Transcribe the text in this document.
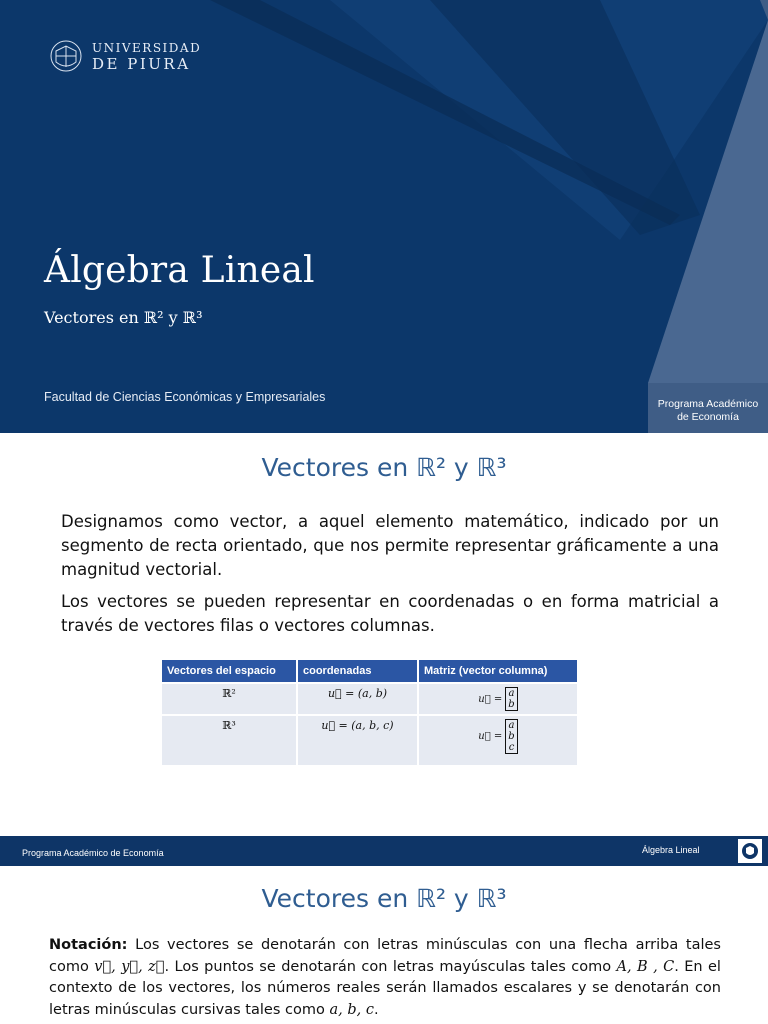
UNIVERSIDAD
DE PIURA
Álgebra Lineal
Vectores en ℝ² y ℝ³
Facultad de Ciencias Económicas y Empresariales	Programa Académico
de Economía
Vectores en ℝ² y ℝ³
Designamos como vector, a aquel elemento matemático, indicado por un segmento de recta orientado, que nos permite representar gráficamente a una magnitud vectorial.
Los vectores se pueden representar en coordenadas o en forma matricial a través de vectores filas o vectores columnas.
Vectores del espacio	coordenadas	Matriz (vector columna)
ℝ²	u⃗ = (a, b)	u⃗ = a
b

ℝ³	u⃗ = (a, b, c)	u⃗ =
a
b
c
Programa Académico de Economía	Álgebra Lineal
Vectores en ℝ² y ℝ³
Notación: Los vectores se denotarán con letras minúsculas con una flecha arriba tales como v⃗, y⃗, z⃗. Los puntos se denotarán con letras mayúsculas tales como A, B , C. En el contexto de los vectores, los números reales serán llamados escalares y se denotarán con letras minúsculas cursivas tales como a, b, c.
